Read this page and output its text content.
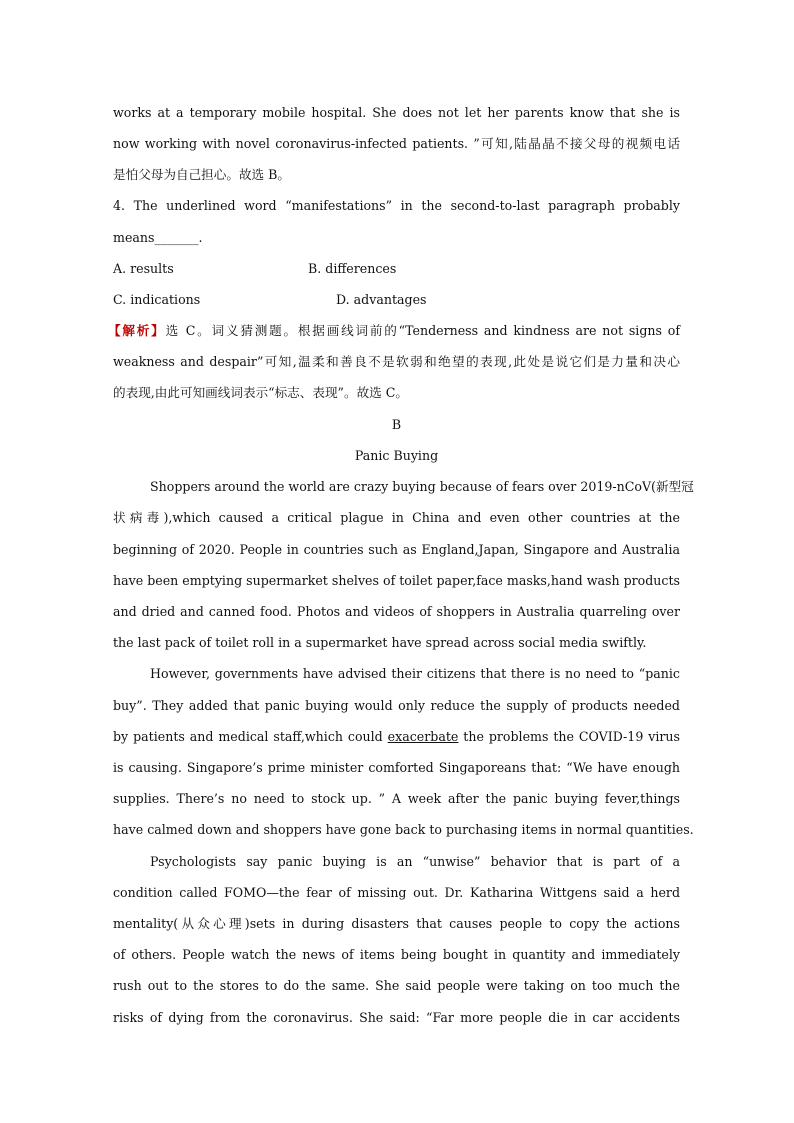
works at a temporary mobile hospital. She does not let her parents know that she is
now working with novel coronavirus-infected patients. ”可知,陆晶晶不接父母的视频电话
是怕父母为自己担心。故选 B。
4. The underlined word “manifestations” in the second-to-last paragraph probably
means_______.
A. results	B. differences
C. indications	D. advantages
【解析】选 C。词义猜测题。根据画线词前的“Tenderness and kindness are not signs of
weakness and despair”可知,温柔和善良不是软弱和绝望的表现,此处是说它们是力量和决心
的表现,由此可知画线词表示“标志、表现”。故选 C。
B
Panic Buying
Shoppers around the world are crazy buying because of fears over 2019-nCoV(新型冠
状病毒),which caused a critical plague in China and even other countries at the
beginning of 2020. People in countries such as England,Japan, Singapore and Australia
have been emptying supermarket shelves of toilet paper,face masks,hand wash products
and dried and canned food. Photos and videos of shoppers in Australia quarreling over
the last pack of toilet roll in a supermarket have spread across social media swiftly.
However, governments have advised their citizens that there is no need to “panic
buy”. They added that panic buying would only reduce the supply of products needed
by patients and medical staff,which could exacerbate the problems the COVID-19 virus
is causing. Singapore’s prime minister comforted Singaporeans that: “We have enough
supplies. There’s no need to stock up. ” A week after the panic buying fever,things
have calmed down and shoppers have gone back to purchasing items in normal quantities.
Psychologists say panic buying is an “unwise” behavior that is part of a
condition called FOMO—the fear of missing out. Dr. Katharina Wittgens said a herd
mentality(从众心理)sets in during disasters that causes people to copy the actions
of others. People watch the news of items being bought in quantity and immediately
rush out to the stores to do the same. She said people were taking on too much the
risks of dying from the coronavirus. She said: “Far more people die in car accidents
